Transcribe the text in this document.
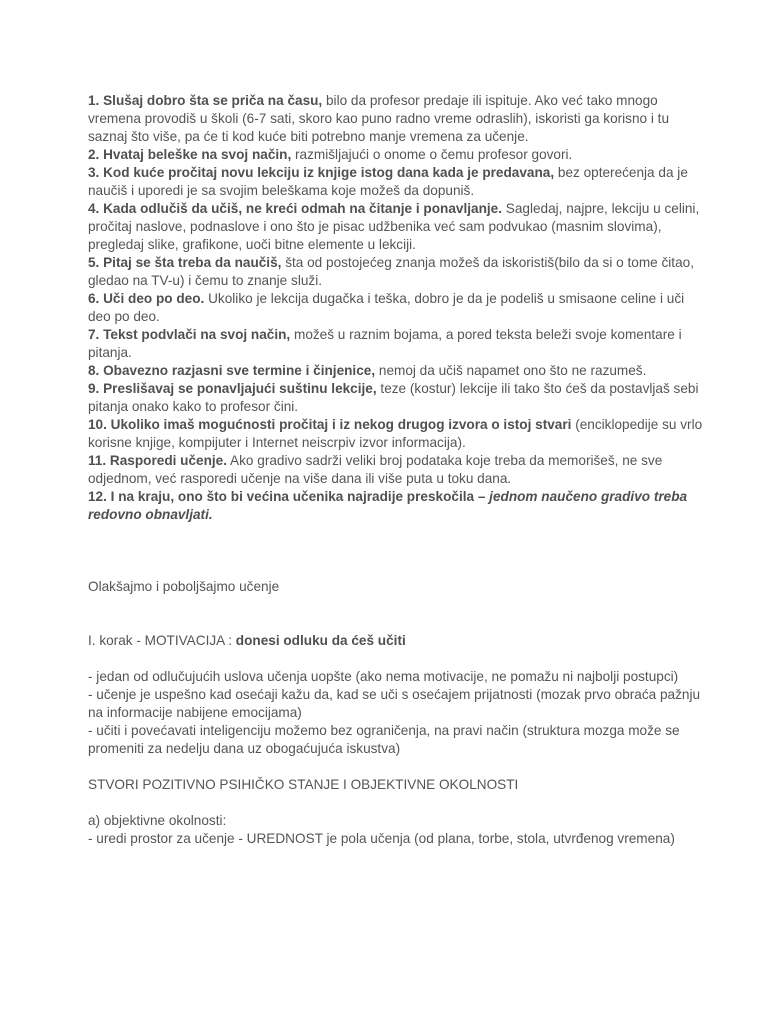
1. Slušaj dobro šta se priča na času, bilo da profesor predaje ili ispituje. Ako već tako mnogo vremena provodiš u školi (6-7 sati, skoro kao puno radno vreme odraslih), iskoristi ga korisno i tu saznaj što više, pa će ti kod kuće biti potrebno manje vremena za učenje.

2. Hvataj beleške na svoj način, razmišljajući o onome o čemu profesor govori.

3. Kod kuće pročitaj novu lekciju iz knjige istog dana kada je predavana, bez opterećenja da je naučiš i uporedi je sa svojim beleškama koje možeš da dopuniš.

4. Kada odlučiš da učiš, ne kreći odmah na čitanje i ponavljanje. Sagledaj, najpre, lekciju u celini, pročitaj naslove, podnaslove i ono što je pisac udžbenika već sam podvukao (masnim slovima), pregledaj slike, grafikone, uoči bitne elemente u lekciji.

5. Pitaj se šta treba da naučiš, šta od postojećeg znanja možeš da iskoristiš(bilo da si o tome čitao, gledao na TV-u) i čemu to znanje služi.

6. Uči deo po deo. Ukoliko je lekcija dugačka i teška, dobro je da je podeliš u smisaone celine i uči deo po deo.

7. Tekst podvlači na svoj način, možeš u raznim bojama, a pored teksta beleži svoje komentare i pitanja.

8. Obavezno razjasni sve termine i činjenice, nemoj da učiš napamet ono što ne razumeš.

9. Preslišavaj se ponavljajući suštinu lekcije, teze (kostur) lekcije ili tako što ćeš da postavljaš sebi pitanja onako kako to profesor čini.

10. Ukoliko imaš mogućnosti pročitaj i iz nekog drugog izvora o istoj stvari (enciklopedije su vrlo korisne knjige, kompijuter i Internet neiscrpiv izvor informacija).

11. Rasporedi učenje. Ako gradivo sadrži veliki broj podataka koje treba da memorišeš, ne sve odjednom, već rasporedi učenje na više dana ili više puta u toku dana.

12. I na kraju, ono što bi većina učenika najradije preskočila – jednom naučeno gradivo treba redovno obnavljati.

Olakšajmo i poboljšajmo učenje

I. korak - MOTIVACIJA : donesi odluku da ćeš učiti

- jedan od odlučujućih uslova učenja uopšte (ako nema motivacije, ne pomažu ni najbolji postupci)

- učenje je uspešno kad osećaji kažu da, kad se uči s osećajem prijatnosti (mozak prvo obraća pažnju na informacije nabijene emocijama)

- učiti i povećavati inteligenciju možemo bez ograničenja, na pravi način (struktura mozga može se promeniti za nedelju dana uz obogaćujuća iskustva)

STVORI POZITIVNO PSIHIČKO STANJE I OBJEKTIVNE OKOLNOSTI

a) objektivne okolnosti:

- uredi prostor za učenje - UREDNOST je pola učenja (od plana, torbe, stola, utvrđenog vremena)
